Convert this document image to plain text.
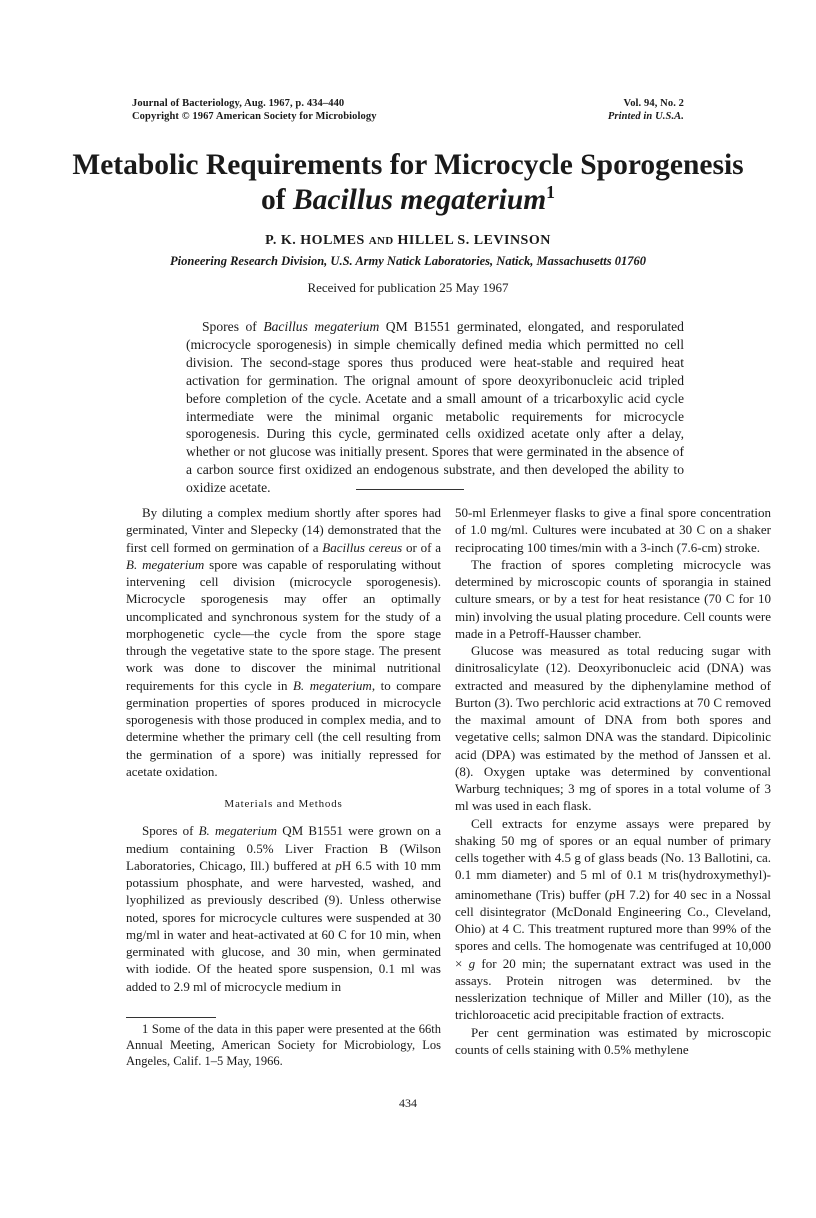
Journal of Bacteriology, Aug. 1967, p. 434–440
Copyright © 1967 American Society for Microbiology
Vol. 94, No. 2
Printed in U.S.A.
Metabolic Requirements for Microcycle Sporogenesis
of Bacillus megaterium$^1$
P. K. HOLMES AND HILLEL S. LEVINSON
Pioneering Research Division, U.S. Army Natick Laboratories, Natick, Massachusetts 01760
Received for publication 25 May 1967
Spores of Bacillus megaterium QM B1551 germinated, elongated, and resporulated (microcycle sporogenesis) in simple chemically defined media which permitted no cell division. The second-stage spores thus produced were heat-stable and required heat activation for germination. The orignal amount of spore deoxyribonucleic acid tripled before completion of the cycle. Acetate and a small amount of a tricarboxylic acid cycle intermediate were the minimal organic metabolic requirements for microcycle sporogenesis. During this cycle, germinated cells oxidized acetate only after a delay, whether or not glucose was initially present. Spores that were germinated in the absence of a carbon source first oxidized an endogenous substrate, and then developed the ability to oxidize acetate.

By diluting a complex medium shortly after spores had germinated, Vinter and Slepecky (14) demonstrated that the first cell formed on germination of a Bacillus cereus or of a B. megaterium spore was capable of resporulating without intervening cell division (microcycle sporogenesis). Microcycle sporogenesis may offer an optimally uncomplicated and synchronous system for the study of a morphogenetic cycle—the cycle from the spore stage through the vegetative state to the spore stage. The present work was done to discover the minimal nutritional requirements for this cycle in B. megaterium, to compare germination properties of spores produced in microcycle sporogenesis with those produced in complex media, and to determine whether the primary cell (the cell resulting from the germination of a spore) was initially repressed for acetate oxidation.

Materials and Methods

Spores of B. megaterium QM B1551 were grown on a medium containing 0.5% Liver Fraction B (Wilson Laboratories, Chicago, Ill.) buffered at pH 6.5 with 10 mm potassium phosphate, and were harvested, washed, and lyophilized as previously described (9). Unless otherwise noted, spores for microcycle cultures were suspended at 30 mg/ml in water and heat-activated at 60 C for 10 min, when germinated with glucose, and 30 min, when germinated with iodide. Of the heated spore suspension, 0.1 ml was added to 2.9 ml of microcycle medium in

1 Some of the data in this paper were presented at the 66th Annual Meeting, American Society for Microbiology, Los Angeles, Calif. 1–5 May, 1966.

50-ml Erlenmeyer flasks to give a final spore concentration of 1.0 mg/ml. Cultures were incubated at 30 C on a shaker reciprocating 100 times/min with a 3-inch (7.6-cm) stroke.

The fraction of spores completing microcycle was determined by microscopic counts of sporangia in stained culture smears, or by a test for heat resistance (70 C for 10 min) involving the usual plating procedure. Cell counts were made in a Petroff-Hausser chamber.

Glucose was measured as total reducing sugar with dinitrosalicylate (12). Deoxyribonucleic acid (DNA) was extracted and measured by the diphenylamine method of Burton (3). Two perchloric acid extractions at 70 C removed the maximal amount of DNA from both spores and vegetative cells; salmon DNA was the standard. Dipicolinic acid (DPA) was estimated by the method of Janssen et al. (8). Oxygen uptake was determined by conventional Warburg techniques; 3 mg of spores in a total volume of 3 ml was used in each flask.

Cell extracts for enzyme assays were prepared by shaking 50 mg of spores or an equal number of primary cells together with 4.5 g of glass beads (No. 13 Ballotini, ca. 0.1 mm diameter) and 5 ml of 0.1 M tris(hydroxymethyl)-aminomethane (Tris) buffer (pH 7.2) for 40 sec in a Nossal cell disintegrator (McDonald Engineering Co., Cleveland, Ohio) at 4 C. This treatment ruptured more than 99% of the spores and cells. The homogenate was centrifuged at 10,000 × g for 20 min; the supernatant extract was used in the assays. Protein nitrogen was determined. bv the nesslerization technique of Miller and Miller (10), as the trichloroacetic acid precipitable fraction of extracts.

Per cent germination was estimated by microscopic counts of cells staining with 0.5% methylene

434
